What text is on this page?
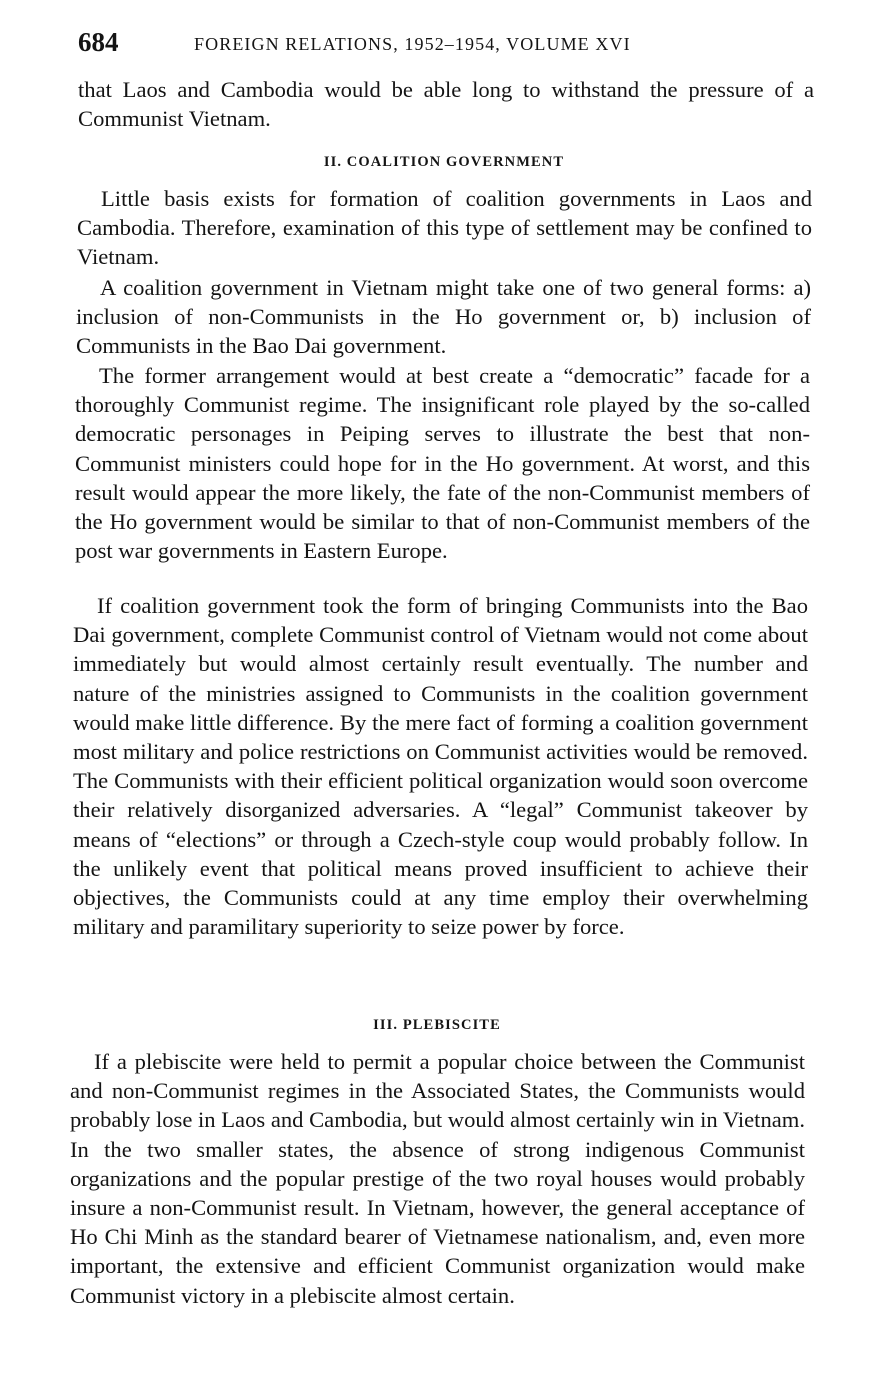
684	FOREIGN RELATIONS, 1952–1954, VOLUME XVI

that Laos and Cambodia would be able long to withstand the pressure of a Communist Vietnam.

II. COALITION GOVERNMENT

Little basis exists for formation of coalition governments in Laos and Cambodia. Therefore, examination of this type of settlement may be confined to Vietnam.

A coalition government in Vietnam might take one of two general forms: a) inclusion of non-Communists in the Ho government or, b) inclusion of Communists in the Bao Dai government.

The former arrangement would at best create a “democratic” facade for a thoroughly Communist regime. The insignificant role played by the so-called democratic personages in Peiping serves to illustrate the best that non-Communist ministers could hope for in the Ho government. At worst, and this result would appear the more likely, the fate of the non-Communist members of the Ho government would be similar to that of non-Communist members of the post war governments in Eastern Europe.

If coalition government took the form of bringing Communists into the Bao Dai government, complete Communist control of Vietnam would not come about immediately but would almost certainly result eventually. The number and nature of the ministries assigned to Communists in the coalition government would make little difference. By the mere fact of forming a coalition government most military and police restrictions on Communist activities would be removed. The Communists with their efficient political organization would soon overcome their relatively disorganized adversaries. A “legal” Communist takeover by means of “elections” or through a Czech-style coup would probably follow. In the unlikely event that political means proved insufficient to achieve their objectives, the Communists could at any time employ their overwhelming military and paramilitary superiority to seize power by force.

III. PLEBISCITE

If a plebiscite were held to permit a popular choice between the Communist and non-Communist regimes in the Associated States, the Communists would probably lose in Laos and Cambodia, but would almost certainly win in Vietnam. In the two smaller states, the absence of strong indigenous Communist organizations and the popular prestige of the two royal houses would probably insure a non-Communist result. In Vietnam, however, the general acceptance of Ho Chi Minh as the standard bearer of Vietnamese nationalism, and, even more important, the extensive and efficient Communist organization would make Communist victory in a plebiscite almost certain.
